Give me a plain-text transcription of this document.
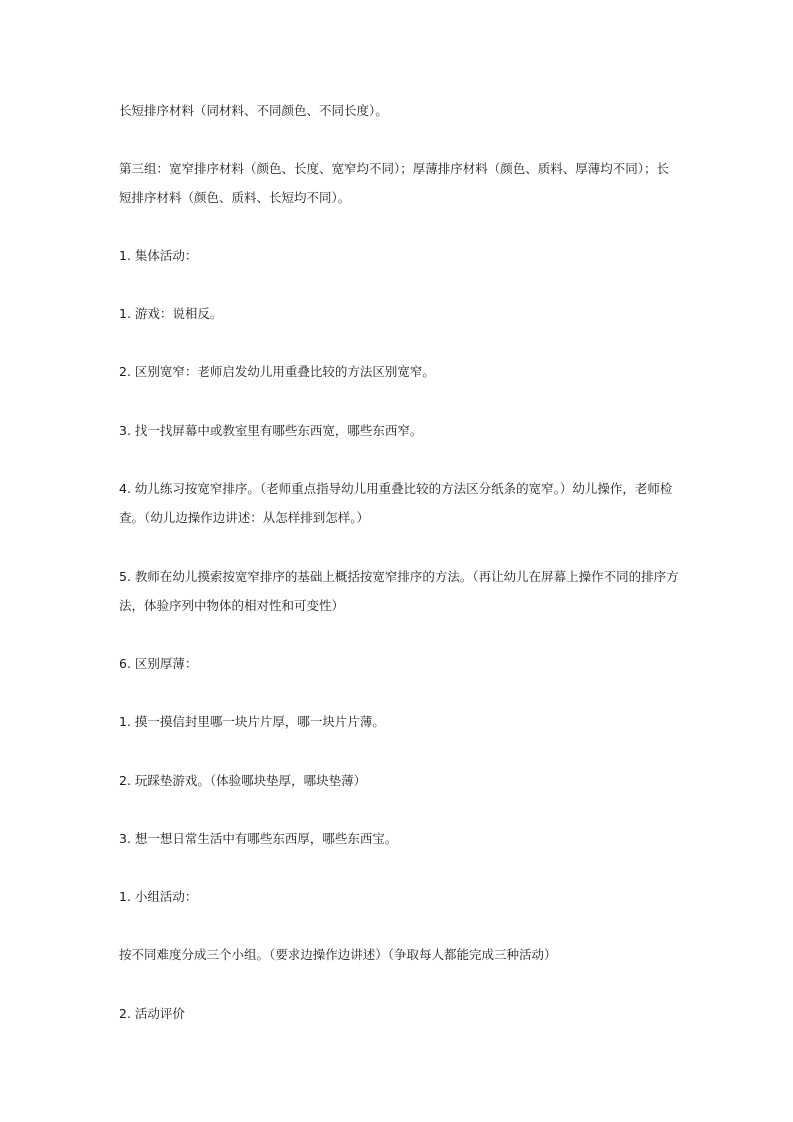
长短排序材料（同材料、不同颜色、不同长度）。

第三组：宽窄排序材料（颜色、长度、宽窄均不同）；厚薄排序材料（颜色、质料、厚薄均不同）；长短排序材料（颜色、质料、长短均不同）。

1. 集体活动：

1. 游戏：说相反。

2. 区别宽窄：老师启发幼儿用重叠比较的方法区别宽窄。

3. 找一找屏幕中或教室里有哪些东西宽，哪些东西窄。

4. 幼儿练习按宽窄排序。（老师重点指导幼儿用重叠比较的方法区分纸条的宽窄。）幼儿操作，老师检查。（幼儿边操作边讲述：从怎样排到怎样。）

5. 教师在幼儿摸索按宽窄排序的基础上概括按宽窄排序的方法。（再让幼儿在屏幕上操作不同的排序方法，体验序列中物体的相对性和可变性）

6. 区别厚薄：

1. 摸一摸信封里哪一块片片厚，哪一块片片薄。

2. 玩踩垫游戏。（体验哪块垫厚，哪块垫薄）

3. 想一想日常生活中有哪些东西厚，哪些东西宝。

1. 小组活动：

按不同难度分成三个小组。（要求边操作边讲述）（争取每人都能完成三种活动）

2. 活动评价
